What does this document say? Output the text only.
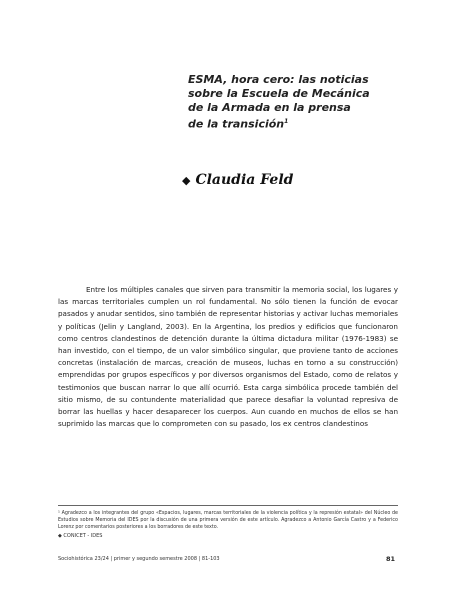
ESMA, hora cero: las noticias
sobre la Escuela de Mecánica
de la Armada en la prensa
de la transición$^1$
◆ Claudia Feld
Entre los múltiples canales que sirven para transmitir la memoria social, los lugares y las marcas territoriales cumplen un rol fundamental. No sólo tienen la función de evocar pasados y anudar sentidos, sino también de representar historias y activar luchas memoriales y políticas (Jelin y Langland, 2003). En la Argentina, los predios y edificios que funcionaron como centros clandestinos de detención durante la última dictadura militar (1976-1983) se han investido, con el tiempo, de un valor simbólico singular, que proviene tanto de acciones concretas (instalación de marcas, creación de museos, luchas en torno a su construcción) emprendidas por grupos específicos y por diversos organismos del Estado, como de relatos y testimonios que buscan narrar lo que allí ocurrió. Esta carga simbólica procede también del sitio mismo, de su contundente materialidad que parece desafiar la voluntad represiva de borrar las huellas y hacer desaparecer los cuerpos. Aun cuando en muchos de ellos se han suprimido las marcas que lo comprometen con su pasado, los ex centros clandestinos
¹ Agradezco a los integrantes del grupo «Espacios, lugares, marcas territoriales de la violencia política y la represión estatal» del Núcleo de Estudios sobre Memoria del IDES por la discusión de una primera versión de este artículo. Agradezco a Antonio García Castro y a Federico Lorenz por comentarios posteriores a los borradores de este texto.
◆ CONICET - IDES
Sociohistórica 23/24 | primer y segundo semestre 2008 | 81-103	81
